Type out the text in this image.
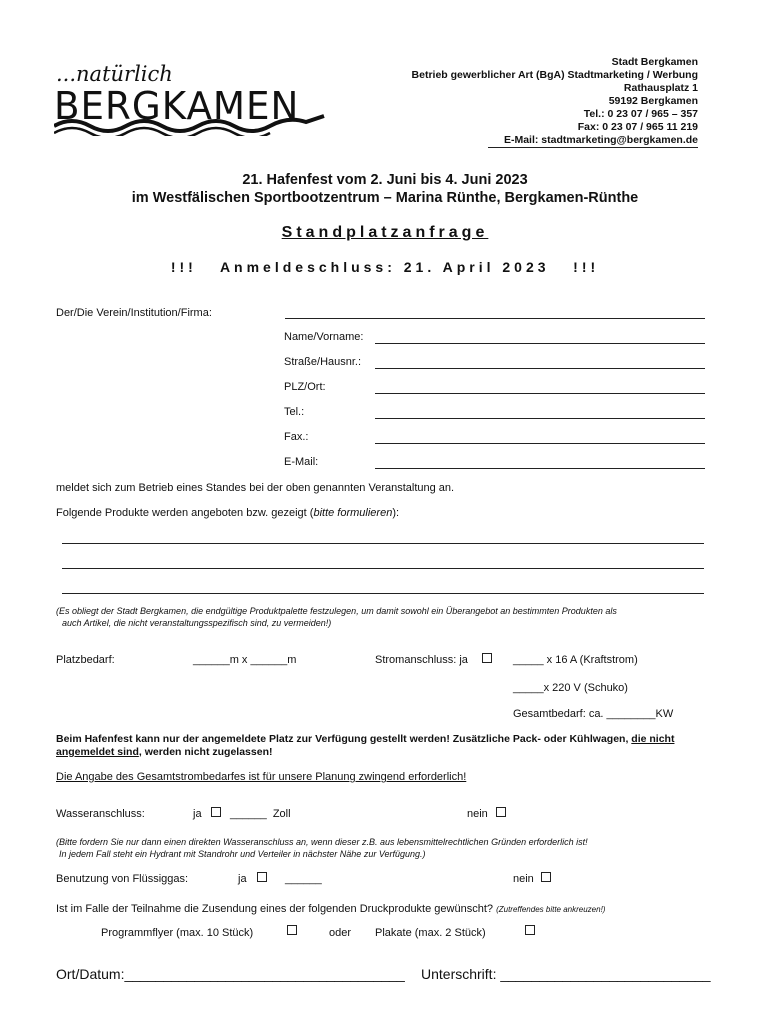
...natürlich
BERGKAMEN
Stadt Bergkamen
Betrieb gewerblicher Art (BgA) Stadtmarketing / Werbung
Rathausplatz 1
59192 Bergkamen
Tel.: 0 23 07 / 965 – 357
Fax: 0 23 07 / 965 11 219
E-Mail: stadtmarketing@bergkamen.de
21. Hafenfest vom 2. Juni bis 4. Juni 2023
im Westfälischen Sportbootzentrum – Marina Rünthe, Bergkamen-Rünthe
Standplatzanfrage
!!!   Anmeldeschluss: 21. April 2023   !!!
Der/Die Verein/Institution/Firma:
Name/Vorname:
Straße/Hausnr.:
PLZ/Ort:
Tel.:
Fax.:
E-Mail:
meldet sich zum Betrieb eines Standes bei der oben genannten Veranstaltung an.
Folgende Produkte werden angeboten bzw. gezeigt (bitte formulieren):
(Es obliegt der Stadt Bergkamen, die endgültige Produktpalette festzulegen, um damit sowohl ein Überangebot an bestimmten Produkten als
auch Artikel, die nicht veranstaltungsspezifisch sind, zu vermeiden!)
Platzbedarf:	______m x ______m	Stromanschluss: ja	_____ x 16 A (Kraftstrom)
_____x 220 V (Schuko)
Gesamtbedarf: ca. ________KW
Beim Hafenfest kann nur der angemeldete Platz zur Verfügung gestellt werden! Zusätzliche Pack- oder Kühlwagen, die nicht angemeldet sind, werden nicht zugelassen!
Die Angabe des Gesamtstrombedarfes ist für unsere Planung zwingend erforderlich!
Wasseranschluss:	ja	______  Zoll	nein
(Bitte fordern Sie nur dann einen direkten Wasseranschluss an, wenn dieser z.B. aus lebensmittelrechtlichen Gründen erforderlich ist!
In jedem Fall steht ein Hydrant mit Standrohr und Verteiler in nächster Nähe zur Verfügung.)
Benutzung von Flüssiggas:	ja	______	nein
Ist im Falle der Teilnahme die Zusendung eines der folgenden Druckprodukte gewünscht? (Zutreffendes bitte ankreuzen!)
Programmflyer (max. 10 Stück)	oder Plakate (max. 2 Stück)
Ort/Datum:____________________________________ Unterschrift: ___________________________
